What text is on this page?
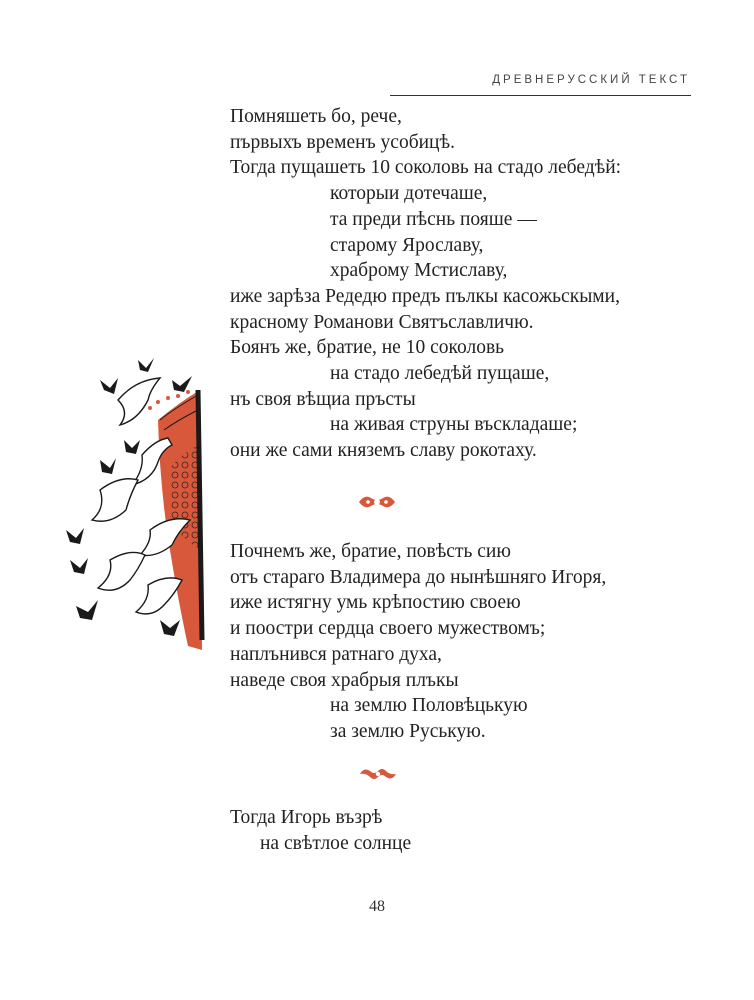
ДРЕВНЕРУССКИЙ ТЕКСТ
Помняшеть бо, рече,
първыхъ временъ усобицѣ.
Тогда пущашеть 10 соколовь на стадо лебедѣй:
которыи дотечаше,
та преди пѣснь пояше —
старому Ярославу,
храброму Мстиславу,
иже зарѣза Редедю предъ пълкы касожьскыми,
красному Романови Святъславличю.
Боянъ же, братие, не 10 соколовь
на стадо лебедѣй пущаше,
нъ своя вѣщиа пръсты
на живая струны въскладаше;
они же сами княземъ славу рокотаху.
Почнемъ же, братие, повѣсть сию
отъ стараго Владимера до нынѣшняго Игоря,
иже истягну умь крѣпостию своею
и поостри сердца своего мужествомъ;
наплънився ратнаго духа,
наведе своя храбрыя плъкы
на землю Половѣцькую
за землю Руськую.
Тогда Игорь възрѣ
на свѣтлое солнце
48
